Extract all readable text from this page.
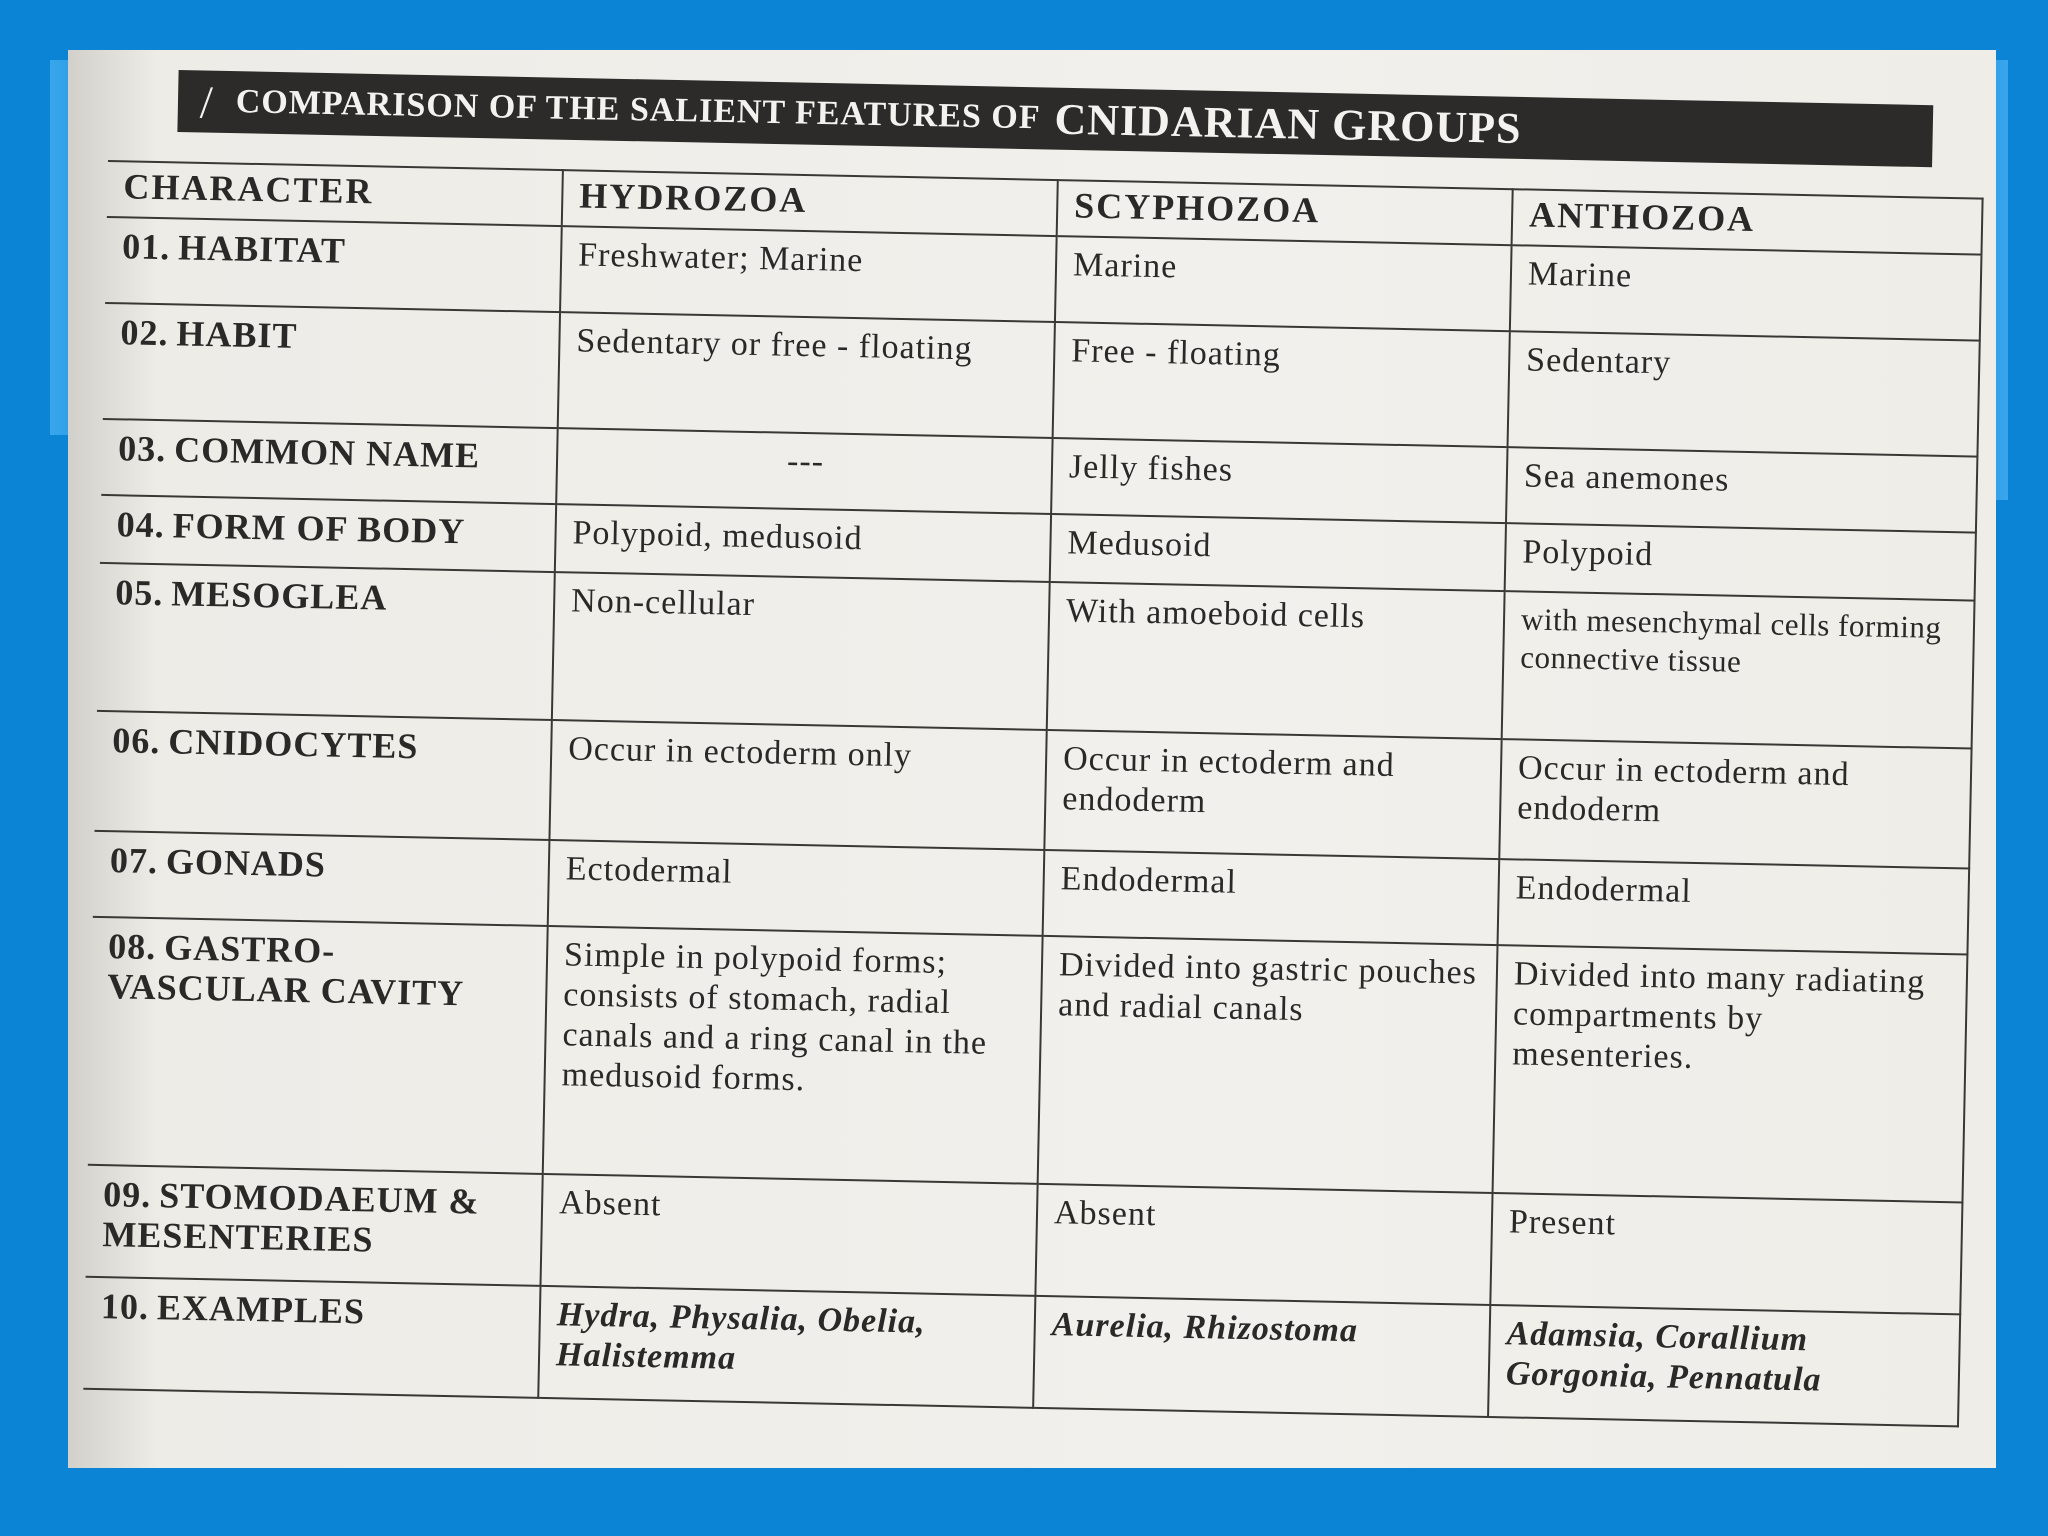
/ COMPARISON OF THE SALIENT FEATURES OF CNIDARIAN GROUPS
CHARACTER	HYDROZOA	SCYPHOZOA	ANTHOZOA
01. HABITAT	Freshwater; Marine	Marine	Marine
02. HABIT	Sedentary or free - floating	Free - floating	Sedentary
03. COMMON NAME	---	Jelly fishes	Sea anemones
04. FORM OF BODY	Polypoid, medusoid	Medusoid	Polypoid
05. MESOGLEA	Non-cellular	With amoeboid cells	with mesenchymal cells forming connective tissue
06. CNIDOCYTES	Occur in ectoderm only	Occur in ectoderm and endoderm	Occur in ectoderm and endoderm
07. GONADS	Ectodermal	Endodermal	Endodermal
08. GASTRO-VASCULAR CAVITY	Simple in polypoid forms; consists of stomach, radial canals and a ring canal in the medusoid forms.	Divided into gastric pouches and radial canals	Divided into many radiating compartments by mesenteries.
09. STOMODAEUM & MESENTERIES	Absent	Absent	Present
10. EXAMPLES	Hydra, Physalia, Obelia, Halistemma	Aurelia, Rhizostoma	Adamsia, Corallium Gorgonia, Pennatula
